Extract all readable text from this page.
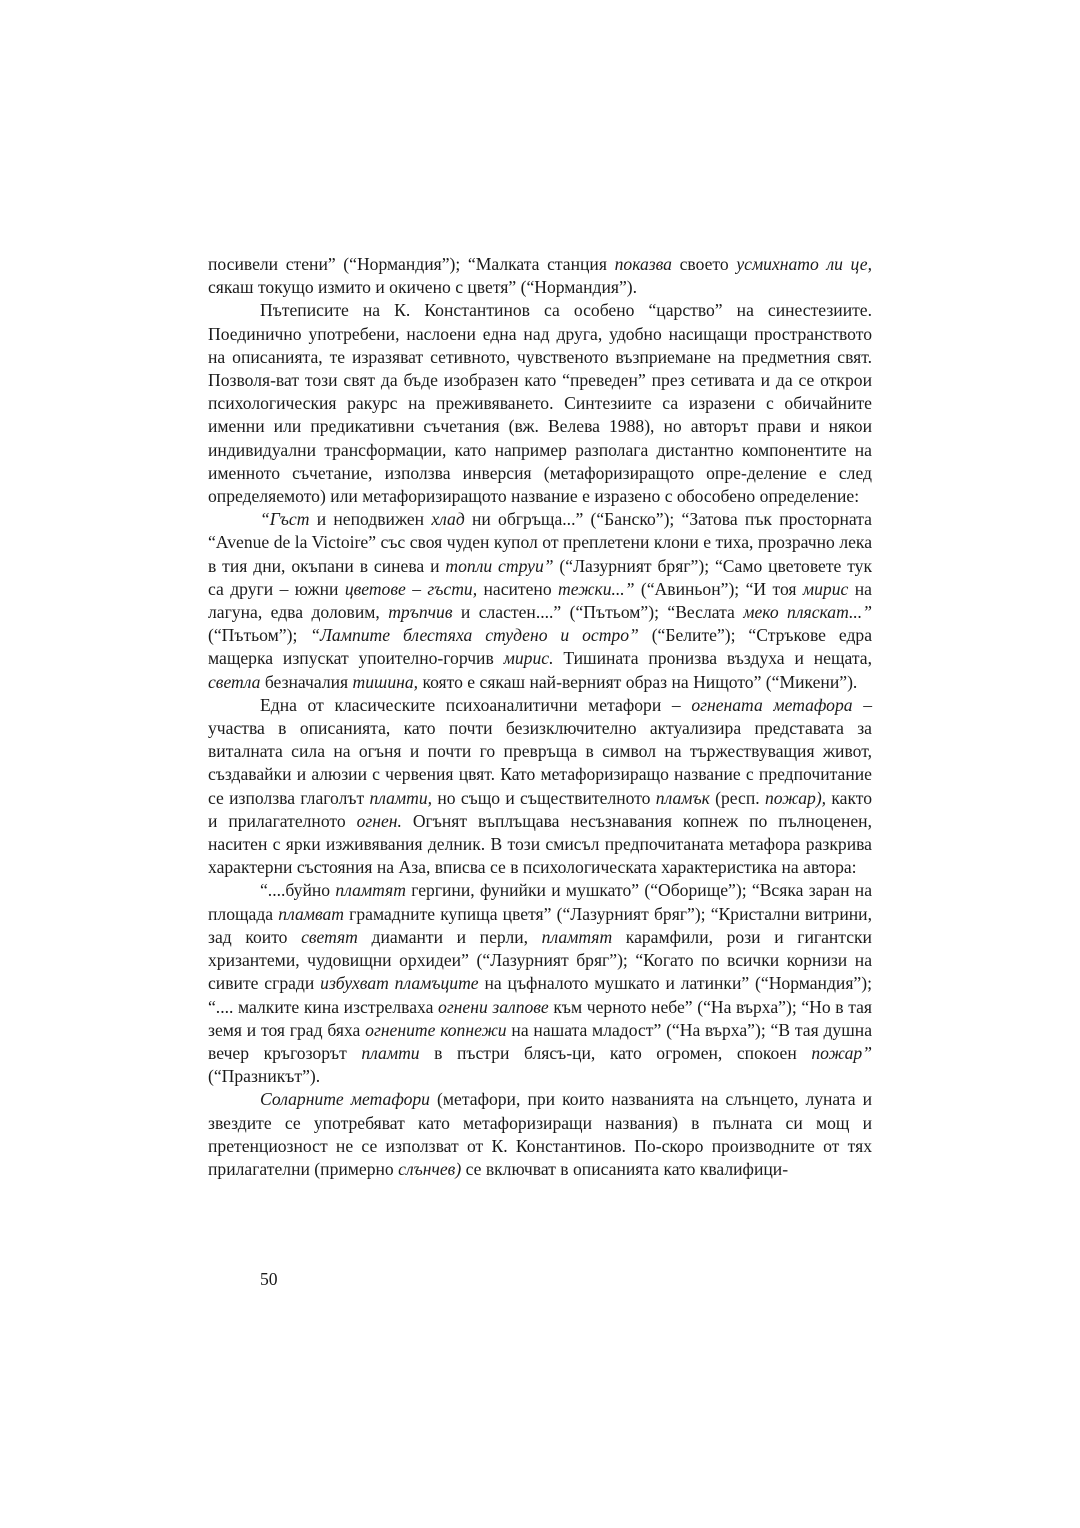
посивели стени” (“Нормандия”); “Малката станция показва своето усмихнато ли це, сякаш токущо измито и окичено с цветя” (“Нормандия”).

Пътеписите на К. Константинов са особено “царство” на синестезиите. Поединично употребени, наслоени една над друга, удобно насищащи пространството на описанията, те изразяват сетивното, чувственото възприемане на предметния свят. Позволя-ват този свят да бъде изобразен като “преведен” през сетивата и да се открои психологическия ракурс на преживяването. Синтезиите са изразени с обичайните именни или предикативни съчетания (вж. Велева 1988), но авторът прави и някои индивидуални трансформации, като например разполага дистантно компонентите на именното съчетание, използва инверсия (метафоризиращото опре-деление е след определяемото) или метафоризиращото название е изразено с обособено определение:

“Гъст и неподвижен хлад ни обгръща...” (“Банско”); “Затова пък просторната “Avenue de la Victoire” със своя чуден купол от преплетени клони е тиха, прозрачно лека в тия дни, окъпани в синева и топли струи” (“Лазурният бряг”); “Само цветовете тук са други – южни цветове – гъсти, наситено тежки...” (“Авиньон”); “И тоя мирис на лагуна, едва доловим, тръпчив и сластен....” (“Пътьом”); “Веслата меко пляскат...” (“Пътьом”); “Лампите блестяха студено и остро” (“Белите”); “Стръкове едра мащерка изпускат упоително-горчив мирис. Тишината пронизва въздуха и нещата, светла безначалия тишина, която е сякаш най-верният образ на Нищото” (“Микени”).

Една от класическите психоаналитични метафори – огнената метафора – участва в описанията, като почти безизключително актуализира представата за виталната сила на огъня и почти го превръща в символ на тържествуващия живот, създавайки и алюзии с червения цвят. Като метафоризиращо название с предпочитание се използва глаголът пламти, но също и съществителното пламък (респ. пожар), както и прилагателното огнен. Огънят въплъщава несъзнавания копнеж по пълноценен, наситен с ярки изживявания делник. В този смисъл предпочитаната метафора разкрива характерни състояния на Аза, вписва се в психологическата характеристика на автора:

“....буйно пламтят гергини, фунийки и мушкато” (“Оборище”); “Всяка заран на площада пламват грамадните купища цветя” (“Лазурният бряг”); “Кристални витрини, зад които светят диаманти и перли, пламтят карамфили, рози и гигантски хризантеми, чудовищни орхидеи” (“Лазурният бряг”); “Когато по всички корнизи на сивите сгради избухват пламъците на цъфналото мушкато и латинки” (“Нормандия”); “.... малките кина изстрелваха огнени залпове към черното небе” (“На върха”); “Но в тая земя и тоя град бяха огнените копнежи на нашата младост” (“На върха”); “В тая душна вечер кръгозорът пламти в пъстри блясъ-ци, като огромен, спокоен пожар” (“Празникът”).

Соларните метафори (метафори, при които названията на слънцето, луната и звездите се употребяват като метафоризиращи названия) в пълната си мощ и претенциозност не се използват от К. Константинов. По-скоро производните от тях прилагателни (примерно слънчев) се включват в описанията като квалифици-

50
